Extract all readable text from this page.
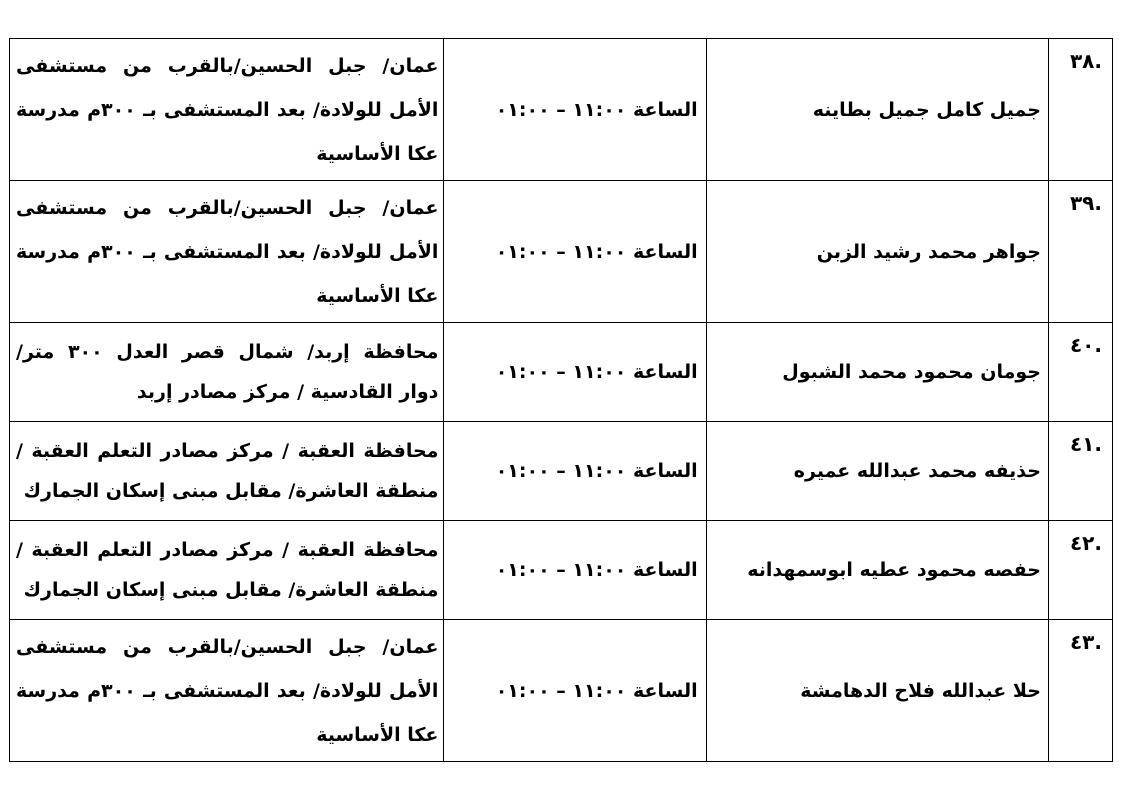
.٣٨	جميل كامل جميل بطاينه	الساعة ١١:٠٠ – ٠١:٠٠	عمان/ جبل الحسين/بالقرب من مستشفى الأمل للولادة/ بعد المستشفى بـ ٣٠٠م مدرسة عكا الأساسية
.٣٩	جواهر محمد رشيد الزبن	الساعة ١١:٠٠ – ٠١:٠٠	عمان/ جبل الحسين/بالقرب من مستشفى الأمل للولادة/ بعد المستشفى بـ ٣٠٠م مدرسة عكا الأساسية
.٤٠	جومان محمود محمد الشبول	الساعة ١١:٠٠ – ٠١:٠٠	محافظة إربد/ شمال قصر العدل ٣٠٠ متر/ دوار القادسية / مركز مصادر إربد
.٤١	حذيفه محمد عبدالله عميره	الساعة ١١:٠٠ – ٠١:٠٠	محافظة العقبة / مركز مصادر التعلم العقبة / منطقة العاشرة/ مقابل مبنى إسكان الجمارك
.٤٢	حفصه محمود عطيه ابوسمهدانه	الساعة ١١:٠٠ – ٠١:٠٠	محافظة العقبة / مركز مصادر التعلم العقبة / منطقة العاشرة/ مقابل مبنى إسكان الجمارك
.٤٣	حلا عبدالله فلاح الدهامشة	الساعة ١١:٠٠ – ٠١:٠٠	عمان/ جبل الحسين/بالقرب من مستشفى الأمل للولادة/ بعد المستشفى بـ ٣٠٠م مدرسة عكا الأساسية
